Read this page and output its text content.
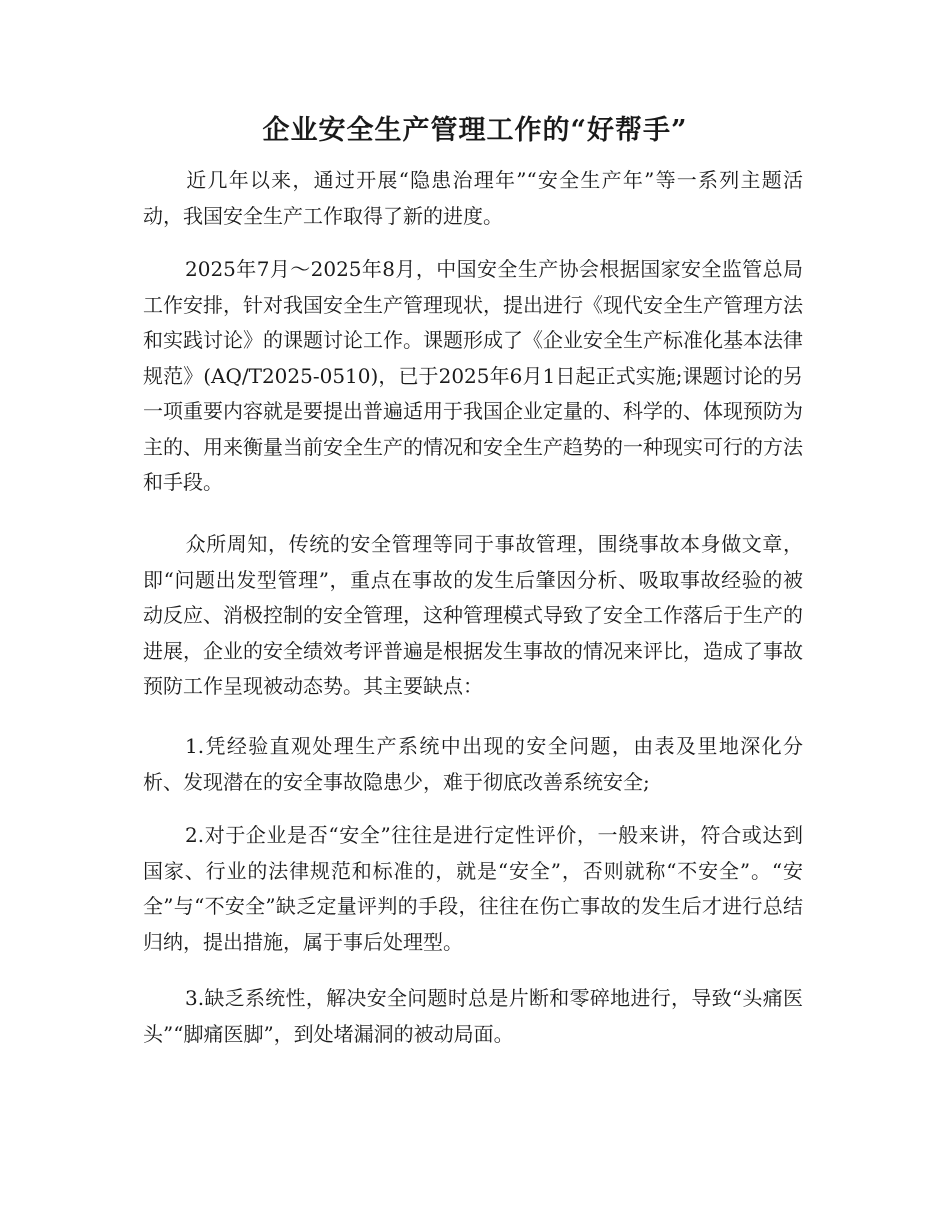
企业安全生产管理工作的“好帮手”

近几年以来，通过开展“隐患治理年”“安全生产年”等一系列主题活动，我国安全生产工作取得了新的进度。

2025年7月～2025年8月，中国安全生产协会根据国家安全监管总局工作安排，针对我国安全生产管理现状，提出进行《现代安全生产管理方法和实践讨论》的课题讨论工作。课题形成了《企业安全生产标准化基本法律规范》(AQ/T2025-0510)，已于2025年6月1日起正式实施;课题讨论的另一项重要内容就是要提出普遍适用于我国企业定量的、科学的、体现预防为主的、用来衡量当前安全生产的情况和安全生产趋势的一种现实可行的方法和手段。

众所周知，传统的安全管理等同于事故管理，围绕事故本身做文章，即“问题出发型管理”，重点在事故的发生后肇因分析、吸取事故经验的被动反应、消极控制的安全管理，这种管理模式导致了安全工作落后于生产的进展，企业的安全绩效考评普遍是根据发生事故的情况来评比，造成了事故预防工作呈现被动态势。其主要缺点：

1.凭经验直观处理生产系统中出现的安全问题，由表及里地深化分析、发现潜在的安全事故隐患少，难于彻底改善系统安全;

2.对于企业是否“安全”往往是进行定性评价，一般来讲，符合或达到国家、行业的法律规范和标准的，就是“安全”，否则就称“不安全”。“安全”与“不安全”缺乏定量评判的手段，往往在伤亡事故的发生后才进行总结归纳，提出措施，属于事后处理型。

3.缺乏系统性，解决安全问题时总是片断和零碎地进行，导致“头痛医头”“脚痛医脚”，到处堵漏洞的被动局面。
